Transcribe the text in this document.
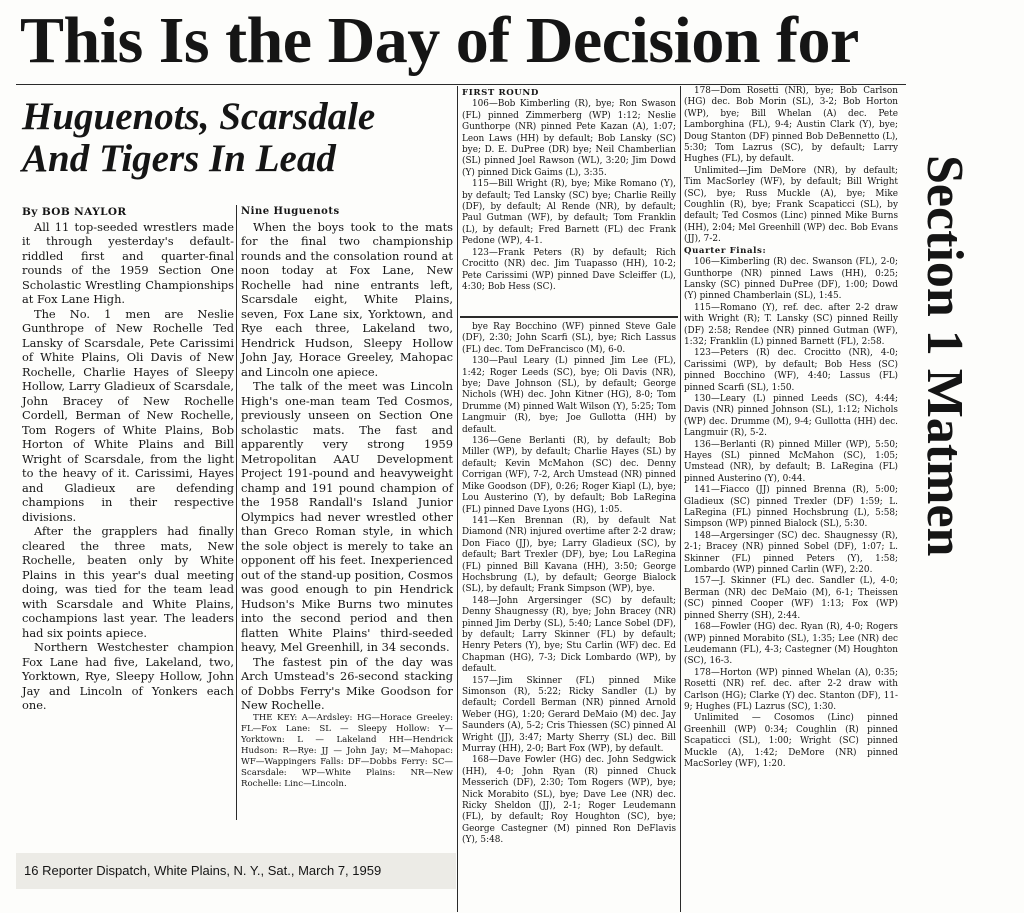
This Is the Day of Decision for
Huguenots, Scarsdale And Tigers In Lead	Section 1 Matmen

By BOB NAYLOR

All 11 top-seeded wrestlers made it through yesterday's default-riddled first and quarter-final rounds of the 1959 Section One Scholastic Wrestling Championships at Fox Lane High.

The No. 1 men are Neslie Gunthrope of New Rochelle Ted Lansky of Scarsdale, Pete Carissimi of White Plains, Oli Davis of New Rochelle, Charlie Hayes of Sleepy Hollow, Larry Gladieux of Scarsdale, John Bracey of New Rochelle Cordell, Berman of New Rochelle, Tom Rogers of White Plains, Bob Horton of White Plains and Bill Wright of Scarsdale, from the light to the heavy of it. Carissimi, Hayes and Gladieux are defending champions in their respective divisions.

After the grapplers had finally cleared the three mats, New Rochelle, beaten only by White Plains in this year's dual meeting doing, was tied for the team lead with Scarsdale and White Plains, cochampions last year. The leaders had six points apiece.

Northern Westchester champion Fox Lane had five, Lakeland, two, Yorktown, Rye, Sleepy Hollow, John Jay and Lincoln of Yonkers each one.

Nine Huguenots

When the boys took to the mats for the final two championship rounds and the consolation round at noon today at Fox Lane, New Rochelle had nine entrants left, Scarsdale eight, White Plains, seven, Fox Lane six, Yorktown, and Rye each three, Lakeland two, Hendrick Hudson, Sleepy Hollow John Jay, Horace Greeley, Mahopac and Lincoln one apiece.

The talk of the meet was Lincoln High's one-man team Ted Cosmos, previously unseen on Section One scholastic mats. The fast and apparently very strong 1959 Metropolitan AAU Development Project 191-pound and heavyweight champ and 191 pound champion of the 1958 Randall's Island Junior Olympics had never wrestled other than Greco Roman style, in which the sole object is merely to take an opponent off his feet. Inexperienced out of the stand-up position, Cosmos was good enough to pin Hendrick Hudson's Mike Burns two minutes into the second period and then flatten White Plains' third-seeded heavy, Mel Greenhill, in 34 seconds.

The fastest pin of the day was Arch Umstead's 26-second stacking of Dobbs Ferry's Mike Goodson for New Rochelle.

THE KEY: A—Ardsley: HG—Horace Greeley: FL—Fox Lane: SL — Sleepy Hollow: Y—Yorktown: L — Lakeland HH—Hendrick Hudson: R—Rye: JJ — John Jay; M—Mahopac: WF—Wappingers Falls: DF—Dobbs Ferry: SC—Scarsdale: WP—White Plains: NR—New Rochelle: Linc—Lincoln.

FIRST ROUND

106—Bob Kimberling (R), bye; Ron Swason (FL) pinned Zimmerberg (WP) 1:12; Neslie Gunthorpe (NR) pinned Pete Kazan (A), 1:07; Leon Laws (HH) by default; Bob Lansky (SC) bye; D. E. DuPree (DR) bye; Neil Chamberlian (SL) pinned Joel Rawson (WL), 3:20; Jim Dowd (Y) pinned Dick Gaims (L), 3:35.

115—Bill Wright (R), bye; Mike Romano (Y), by default; Ted Lansky (SC) bye; Charlie Reilly (DF), by default; Al Rende (NR), by default; Paul Gutman (WF), by default; Tom Franklin (L), by default; Fred Barnett (FL) dec Frank Pedone (WP), 4-1.

123—Frank Peters (R) by default; Rich Crocitto (NR) dec. Jim Tuapasso (HH), 10-2; Pete Carissimi (WP) pinned Dave Scleiffer (L), 4:30; Bob Hess (SC).

bye Ray Bocchino (WF) pinned Steve Gale (DF), 2:30; John Scarfi (SL), bye; Rich Lassus (FL) dec. Tom DeFrancisco (M), 6-0.

130—Paul Leary (L) pinned Jim Lee (FL), 1:42; Roger Leeds (SC), bye; Oli Davis (NR), bye; Dave Johnson (SL), by default; George Nichols (WH) dec. John Kitner (HG), 8-0; Tom Drumme (M) pinned Walt Wilson (Y), 5:25; Tom Langmuir (R), bye; Joe Gullotta (HH) by default.

136—Gene Berlanti (R), by default; Bob Miller (WP), by default; Charlie Hayes (SL) by default; Kevin McMahon (SC) dec. Denny Corrigan (WF), 7-2, Arch Umstead (NR) pinned Mike Goodson (DF), 0:26; Roger Kiapl (L), bye; Lou Austerino (Y), by default; Bob LaRegina (FL) pinned Dave Lyons (HG), 1:05.

141—Ken Brennan (R), by default Nat Diamond (NR) injured overtime after 2-2 draw; Don Fiaco (JJ), bye; Larry Gladieux (SC), by default; Bart Trexler (DF), bye; Lou LaRegina (FL) pinned Bill Kavana (HH), 3:50; George Hochsbrung (L), by default; George Bialock (SL), by default; Frank Simpson (WP), bye.

148—John Argersinger (SC) by default; Denny Shaugnessy (R), bye; John Bracey (NR) pinned Jim Derby (SL), 5:40; Lance Sobel (DF), by default; Larry Skinner (FL) by default; Henry Peters (Y), bye; Stu Carlin (WF) dec. Ed Chapman (HG), 7-3; Dick Lombardo (WP), by default.

157—Jim Skinner (FL) pinned Mike Simonson (R), 5:22; Ricky Sandler (L) by default; Cordell Berman (NR) pinned Arnold Weber (HG), 1:20; Gerard DeMaio (M) dec. Jay Saunders (A), 5-2; Cris Thiessen (SC) pinned Al Wright (JJ), 3:47; Marty Sherry (SL) dec. Bill Murray (HH), 2-0; Bart Fox (WP), by default.

168—Dave Fowler (HG) dec. John Sedgwick (HH), 4-0; John Ryan (R) pinned Chuck Messerich (DF), 2:30; Tom Rogers (WP), bye; Nick Morabito (SL), bye; Dave Lee (NR) dec. Ricky Sheldon (JJ), 2-1; Roger Leudemann (FL), by default; Roy Houghton (SC), bye; George Castegner (M) pinned Ron DeFlavis (Y), 5:48.

178—Dom Rosetti (NR), bye; Bob Carlson (HG) dec. Bob Morin (SL), 3-2; Bob Horton (WP), bye; Bill Whelan (A) dec. Pete Lamborghina (FL), 9-4; Austin Clark (Y), bye; Doug Stanton (DF) pinned Bob DeBennetto (L), 5:30; Tom Lazrus (SC), by default; Larry Hughes (FL), by default.

Unlimited—Jim DeMore (NR), by default; Tim MacSorley (WF), by default; Bill Wright (SC), bye; Russ Muckle (A), bye; Mike Coughlin (R), bye; Frank Scapaticci (SL), by default; Ted Cosmos (Linc) pinned Mike Burns (HH), 2:04; Mel Greenhill (WP) dec. Bob Evans (JJ), 7-2.

Quarter Finals:

106—Kimberling (R) dec. Swanson (FL), 2-0; Gunthorpe (NR) pinned Laws (HH), 0:25; Lansky (SC) pinned DuPree (DF), 1:00; Dowd (Y) pinned Chamberlain (SL), 1:45.

115—Romano (Y), ref. dec. after 2-2 draw with Wright (R); T. Lansky (SC) pinned Reilly (DF) 2:58; Rendee (NR) pinned Gutman (WF), 1:32; Franklin (L) pinned Barnett (FL), 2:58.

123—Peters (R) dec. Crocitto (NR), 4-0; Carissimi (WP), by default; Bob Hess (SC) pinned Bocchino (WF), 4:40; Lassus (FL) pinned Scarfi (SL), 1:50.

130—Leary (L) pinned Leeds (SC), 4:44; Davis (NR) pinned Johnson (SL), 1:12; Nichols (WP) dec. Drumme (M), 9-4; Gullotta (HH) dec. Langmuir (R), 5-2.

136—Berlanti (R) pinned Miller (WP), 5:50; Hayes (SL) pinned McMahon (SC), 1:05; Umstead (NR), by default; B. LaRegina (FL) pinned Austerino (Y), 0:44.

141—Fiacco (JJ) pinned Brenna (R), 5:00; Gladieux (SC) pinned Trexler (DF) 1:59; L. LaRegina (FL) pinned Hochsbrung (L), 5:58; Simpson (WP) pinned Bialock (SL), 5:30.

148—Argersinger (SC) dec. Shaugnessy (R), 2-1; Bracey (NR) pinned Sobel (DF), 1:07; L. Skinner (FL) pinned Peters (Y), 1:58; Lombardo (WP) pinned Carlin (WF), 2:20.

157—J. Skinner (FL) dec. Sandler (L), 4-0; Berman (NR) dec DeMaio (M), 6-1; Theissen (SC) pinned Cooper (WF) 1:13; Fox (WP) pinned Sherry (SH), 2:44.

168—Fowler (HG) dec. Ryan (R), 4-0; Rogers (WP) pinned Morabito (SL), 1:35; Lee (NR) dec Leudemann (FL), 4-3; Castegner (M) Houghton (SC), 16-3.

178—Horton (WP) pinned Whelan (A), 0:35; Rosetti (NR) ref. dec. after 2-2 draw with Carlson (HG); Clarke (Y) dec. Stanton (DF), 11-9; Hughes (FL) Lazrus (SC), 1:30.

Unlimited — Cosomos (Linc) pinned Greenhill (WP) 0:34; Coughlin (R) pinned Scapaticci (SL), 1:00; Wright (SC) pinned Muckle (A), 1:42; DeMore (NR) pinned MacSorley (WF), 1:20.

16 Reporter Dispatch, White Plains, N. Y., Sat., March 7, 1959
